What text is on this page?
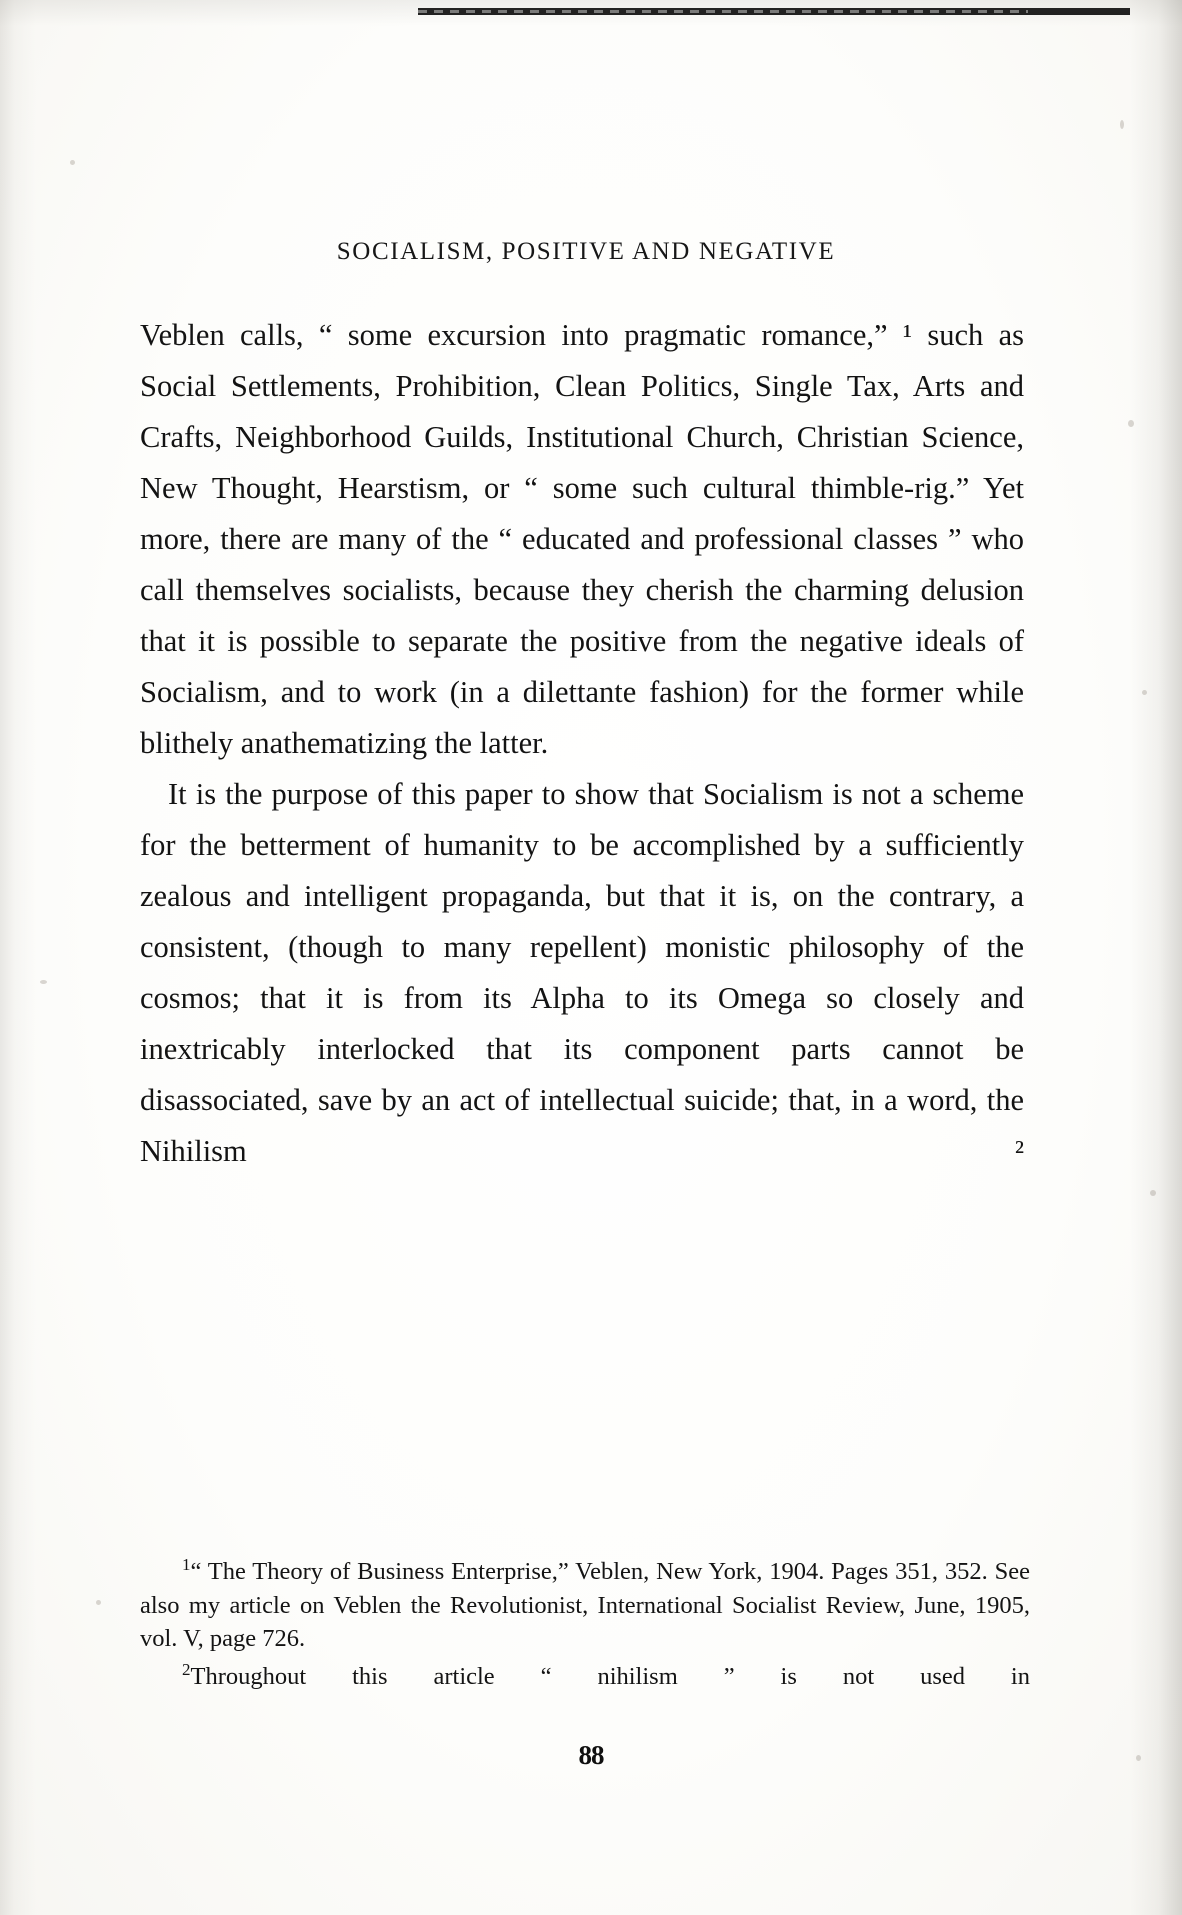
SOCIALISM, POSITIVE AND NEGATIVE

Veblen calls, “ some excursion into pragmatic romance,” ¹ such as Social Settlements, Prohibition, Clean Politics, Single Tax, Arts and Crafts, Neighborhood Guilds, Institutional Church, Christian Science, New Thought, Hearstism, or “ some such cultural thimble-rig.” Yet more, there are many of the “ educated and professional classes ” who call themselves socialists, because they cherish the charming delusion that it is possible to separate the positive from the negative ideals of Socialism, and to work (in a dilettante fashion) for the former while blithely anathematizing the latter.

It is the purpose of this paper to show that Socialism is not a scheme for the betterment of humanity to be accomplished by a sufficiently zealous and intelligent propaganda, but that it is, on the contrary, a consistent, (though to many repellent) monistic philosophy of the cosmos; that it is from its Alpha to its Omega so closely and inextricably interlocked that its component parts cannot be disassociated, save by an act of intellectual suicide; that, in a word, the Nihilism ²

$^1$“ The Theory of Business Enterprise,” Veblen, New York, 1904. Pages 351, 352. See also my article on Veblen the Revolutionist, International Socialist Review, June, 1905, vol. V, page 726.

$^2$Throughout this article “ nihilism ” is not used in

88
